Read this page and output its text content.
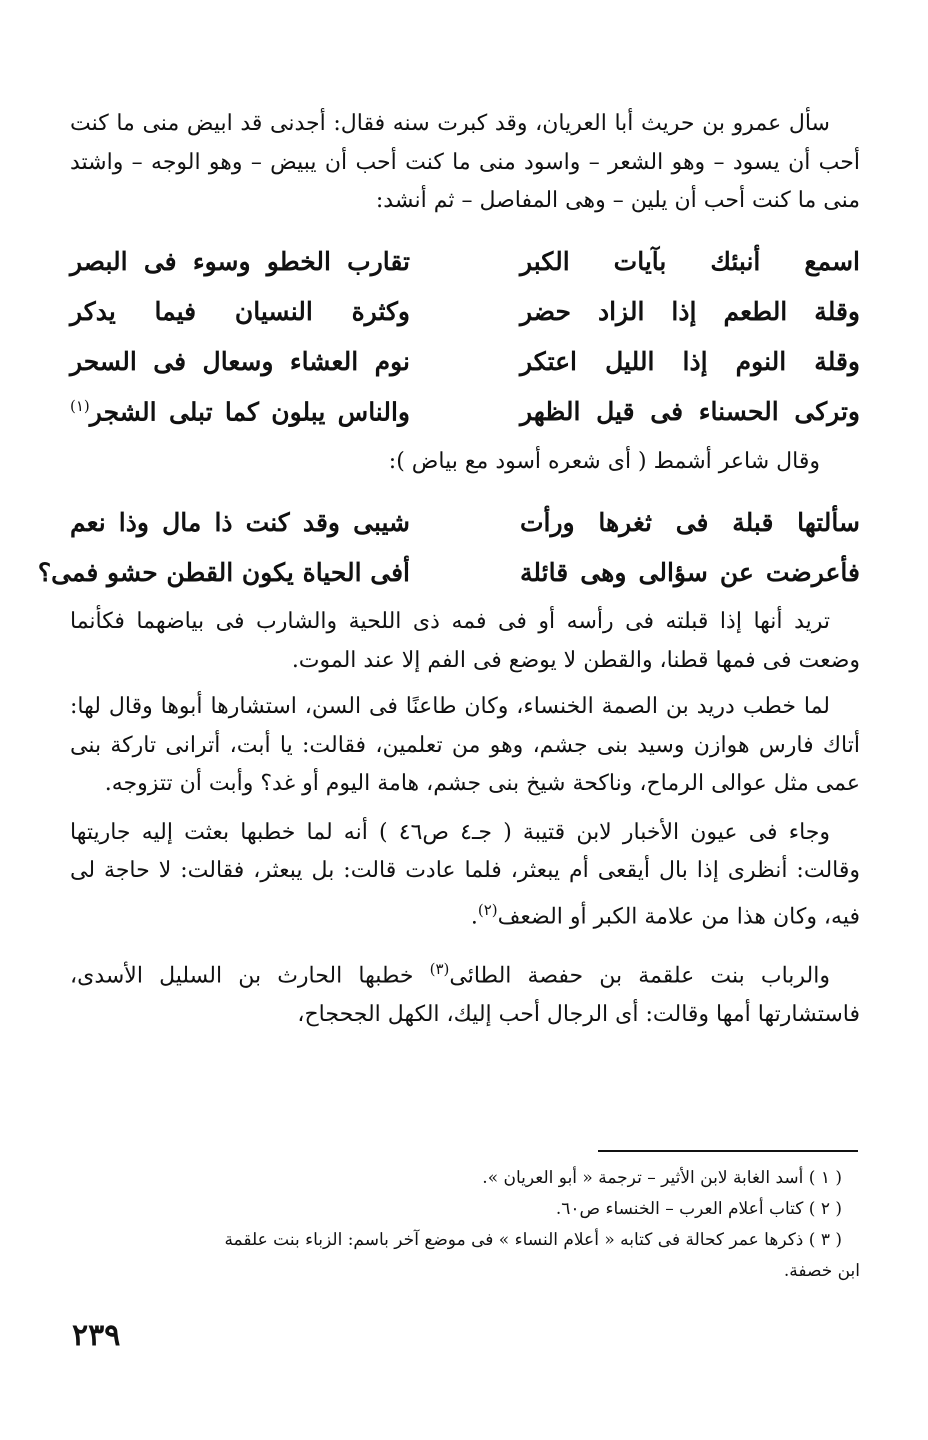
سأل عمرو بن حريث أبا العريان، وقد كبرت سنه فقال: أجدنى قد ابيض منى ما كنت أحب أن يسود – وهو الشعر – واسود منى ما كنت أحب أن يبيض – وهو الوجه – واشتد منى ما كنت أحب أن يلين – وهى المفاصل – ثم أنشد:

اسمع أنبئك بآيات الكبر
تقارب الخطو وسوء فى البصر
وقلة الطعم إذا الزاد حضر
وكثرة النسيان فيما يدكر
وقلة النوم إذا الليل اعتكر
نوم العشاء وسعال فى السحر
وتركى الحسناء فى قيل الظهر
والناس يبلون كما تبلى الشجر$^{(١)}$

وقال شاعر أشمط ( أى شعره أسود مع بياض ):

سألتها قبلة فى ثغرها ورأت
شيبى وقد كنت ذا مال وذا نعم
فأعرضت عن سؤالى وهى قائلة
أفى الحياة يكون القطن حشو فمى؟

تريد أنها إذا قبلته فى رأسه أو فى فمه ذى اللحية والشارب فى بياضهما فكأنما وضعت فى فمها قطنا، والقطن لا يوضع فى الفم إلا عند الموت.

لما خطب دريد بن الصمة الخنساء، وكان طاعنًا فى السن، استشارها أبوها وقال لها: أتاك فارس هوازن وسيد بنى جشم، وهو من تعلمين، فقالت: يا أبت، أترانى تاركة بنى عمى مثل عوالى الرماح، وناكحة شيخ بنى جشم، هامة اليوم أو غد؟ وأبت أن تتزوجه.

وجاء فى عيون الأخبار لابن قتيبة ( جـ٤ ص٤٦ ) أنه لما خطبها بعثت إليه جاريتها وقالت: أنظرى إذا بال أيقعى أم يبعثر، فلما عادت قالت: بل يبعثر، فقالت: لا حاجة لى فيه، وكان هذا من علامة الكبر أو الضعف$^{(٢)}$.

والرباب بنت علقمة بن حفصة الطائى$^{(٣)}$ خطبها الحارث بن السليل الأسدى، فاستشارتها أمها وقالت: أى الرجال أحب إليك، الكهل الجحجاح،

( ١ ) أسد الغابة لابن الأثير – ترجمة « أبو العريان ».

( ٢ ) كتاب أعلام العرب – الخنساء ص٦٠.

( ٣ ) ذكرها عمر كحالة فى كتابه « أعلام النساء » فى موضع آخر باسم: الزباء بنت علقمة

ابن خصفة.

٢٣٩
